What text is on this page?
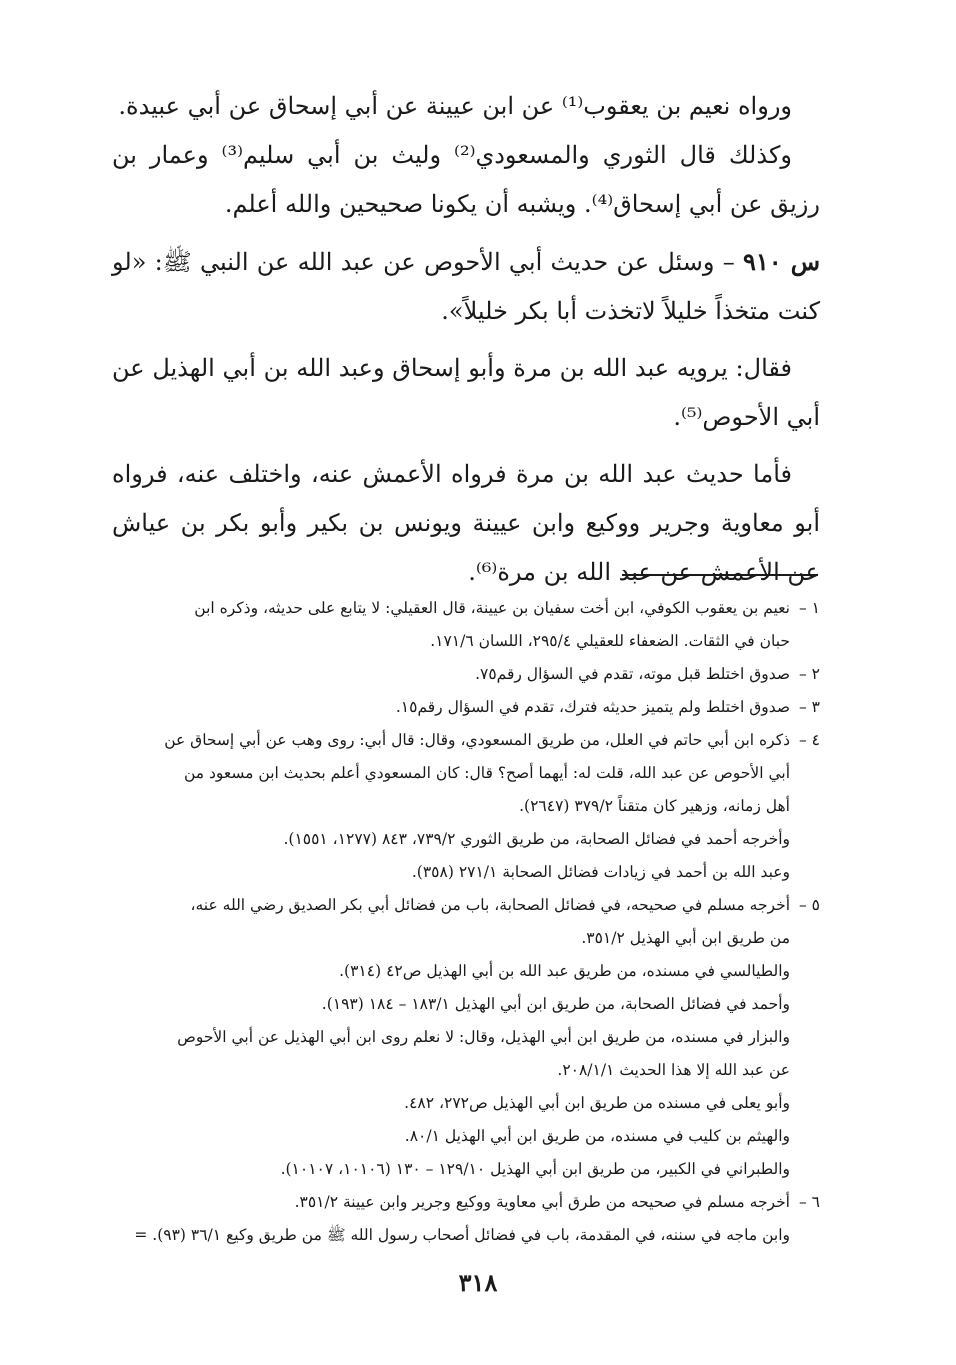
ورواه نعيم بن يعقوب⁽¹⁾ عن ابن عيينة عن أبي إسحاق عن أبي عبيدة.

وكذلك قال الثوري والمسعودي⁽²⁾ وليث بن أبي سليم⁽³⁾ وعمار بن رزيق عن أبي إسحاق⁽⁴⁾. ويشبه أن يكونا صحيحين والله أعلم.

س ٩١٠ – وسئل عن حديث أبي الأحوص عن عبد الله عن النبي ﷺ: «لو كنت متخذاً خليلاً لاتخذت أبا بكر خليلاً».

فقال: يرويه عبد الله بن مرة وأبو إسحاق وعبد الله بن أبي الهذيل عن أبي الأحوص⁽⁵⁾.

فأما حديث عبد الله بن مرة فرواه الأعمش عنه، واختلف عنه، فرواه أبو معاوية وجرير ووكيع وابن عيينة ويونس بن بكير وأبو بكر بن عياش عن الأعمش عن عبد الله بن مرة⁽⁶⁾.

١ –
نعيم بن يعقوب الكوفي، ابن أخت سفيان بن عيينة، قال العقيلي: لا يتابع على حديثه، وذكره ابن
حبان في الثقات. الضعفاء للعقيلي ٢٩٥/٤، اللسان ١٧١/٦.
٢ –
صدوق اختلط قبل موته، تقدم في السؤال رقم٧٥.
٣ –
صدوق اختلط ولم يتميز حديثه فترك، تقدم في السؤال رقم١٥.
٤ –
ذكره ابن أبي حاتم في العلل، من طريق المسعودي، وقال: قال أبي: روى وهب عن أبي إسحاق عن
أبي الأحوص عن عبد الله، قلت له: أيهما أصح؟ قال: كان المسعودي أعلم بحديث ابن مسعود من
أهل زمانه، وزهير كان متقناً ٣٧٩/٢ (٢٦٤٧).
وأخرجه أحمد في فضائل الصحابة، من طريق الثوري ٧٣٩/٢، ٨٤٣ (١٢٧٧، ١٥٥١).
وعبد الله بن أحمد في زيادات فضائل الصحابة ٢٧١/١ (٣٥٨).
٥ –
أخرجه مسلم في صحيحه، في فضائل الصحابة، باب من فضائل أبي بكر الصديق رضي الله عنه،
من طريق ابن أبي الهذيل ٣٥١/٢.
والطيالسي في مسنده، من طريق عبد الله بن أبي الهذيل ص٤٢ (٣١٤).
وأحمد في فضائل الصحابة، من طريق ابن أبي الهذيل ١٨٣/١ – ١٨٤ (١٩٣).
والبزار في مسنده، من طريق ابن أبي الهذيل، وقال: لا نعلم روى ابن أبي الهذيل عن أبي الأحوص
عن عبد الله إلا هذا الحديث ٢٠٨/١/١.
وأبو يعلى في مسنده من طريق ابن أبي الهذيل ص٢٧٢، ٤٨٢.
والهيثم بن كليب في مسنده، من طريق ابن أبي الهذيل ٨٠/١.
والطبراني في الكبير، من طريق ابن أبي الهذيل ١٢٩/١٠ – ١٣٠ (١٠١٠٦، ١٠١٠٧).
٦ –
أخرجه مسلم في صحيحه من طرق أبي معاوية ووكيع وجرير وابن عيينة ٣٥١/٢.
وابن ماجه في سننه، في المقدمة، باب في فضائل أصحاب رسول الله ﷺ من طريق وكيع ٣٦/١ (٩٣). =
٣١٨
